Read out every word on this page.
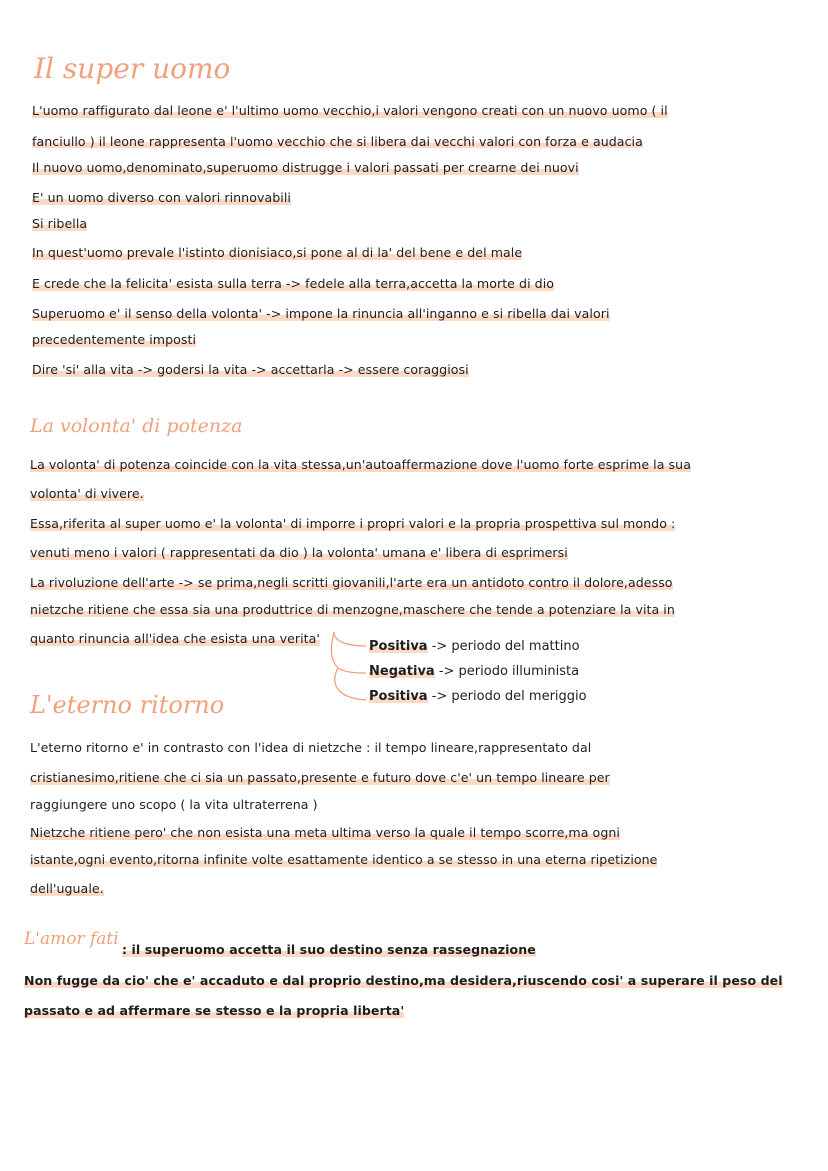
Il super uomo
L'uomo raffigurato dal leone e' l'ultimo uomo vecchio,i valori vengono creati con un nuovo uomo ( il
fanciullo ) il leone rappresenta l'uomo vecchio che si libera dai vecchi valori con forza e audacia
Il nuovo uomo,denominato,superuomo distrugge i valori passati per crearne dei nuovi
E' un uomo diverso con valori rinnovabili
Si ribella
In quest'uomo prevale l'istinto dionisiaco,si pone al di la' del bene e del male
E crede che la felicita' esista sulla terra -> fedele alla terra,accetta la morte di dio
Superuomo e' il senso della volonta' -> impone la rinuncia all'inganno e si ribella dai valori
precedentemente imposti
Dire 'si' alla vita -> godersi la vita -> accettarla -> essere coraggiosi
La volonta' di potenza
La volonta' di potenza coincide con la vita stessa,un'autoaffermazione dove l'uomo forte esprime la sua
volonta' di vivere.
Essa,riferita al super uomo e' la volonta' di imporre i propri valori e la propria prospettiva sul mondo :
venuti meno i valori ( rappresentati da dio ) la volonta' umana e' libera di esprimersi
La rivoluzione dell'arte -> se prima,negli scritti giovanili,l'arte era un antidoto contro il dolore,adesso
nietzche ritiene che essa sia una produttrice di menzogne,maschere che tende a potenziare la vita in
quanto rinuncia all'idea che esista una verita'
Positiva -> periodo del mattino
Negativa -> periodo illuminista
Positiva -> periodo del meriggio
L'eterno ritorno
L'eterno ritorno e' in contrasto con l'idea di nietzche : il tempo lineare,rappresentato dal
cristianesimo,ritiene che ci sia un passato,presente e futuro dove c'e' un tempo lineare per
raggiungere uno scopo ( la vita ultraterrena )
Nietzche ritiene pero' che non esista una meta ultima verso la quale il tempo scorre,ma ogni
istante,ogni evento,ritorna infinite volte esattamente identico a se stesso in una eterna ripetizione
dell'uguale.
L'amor fati
: il superuomo accetta il suo destino senza rassegnazione
Non fugge da cio' che e' accaduto e dal proprio destino,ma desidera,riuscendo cosi' a superare il peso del
passato e ad affermare se stesso e la propria liberta'
